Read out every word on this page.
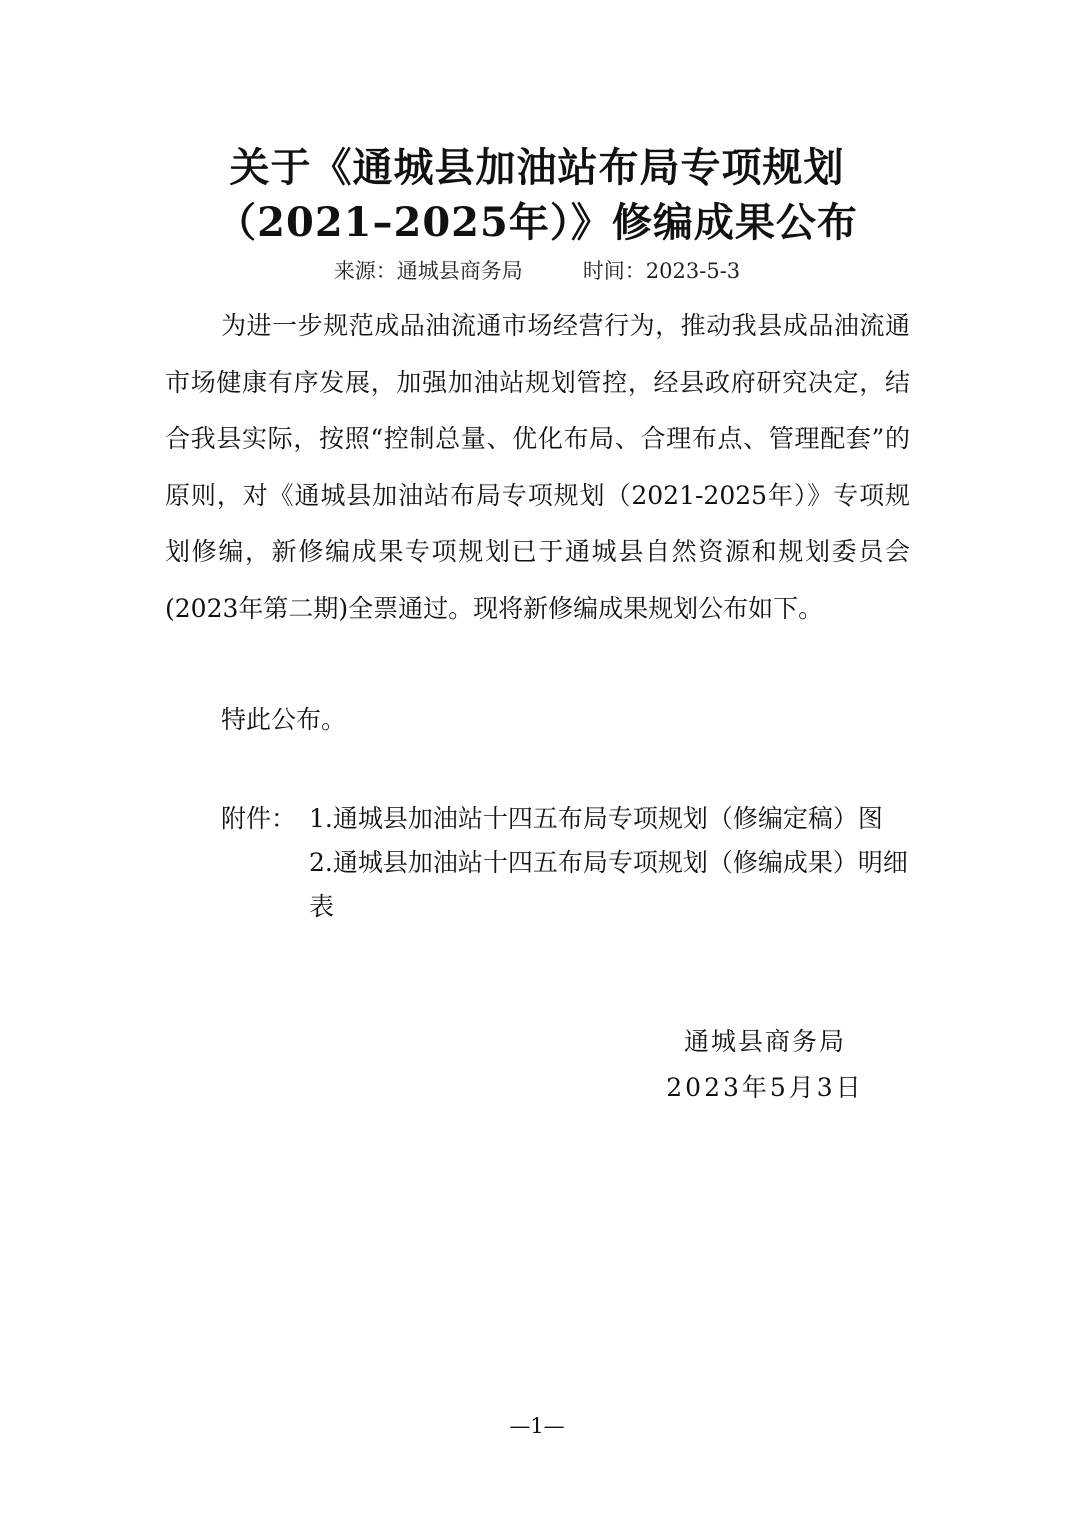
关于《通城县加油站布局专项规划
（2021–2025年）》修编成果公布
来源：通城县商务局	时间：2023-5-3

为进一步规范成品油流通市场经营行为，推动我县成品油流通市场健康有序发展，加强加油站规划管控，经县政府研究决定，结合我县实际，按照“控制总量、优化布局、合理布点、管理配套”的原则，对《通城县加油站布局专项规划（2021-2025年）》专项规划修编，新修编成果专项规划已于通城县自然资源和规划委员会(2023年第二期)全票通过。现将新修编成果规划公布如下。

特此公布。

附件： 1.通城县加油站十四五布局专项规划（修编定稿）图
2.通城县加油站十四五布局专项规划（修编成果）明细表
通城县商务局
2023年5月3日
—1—
